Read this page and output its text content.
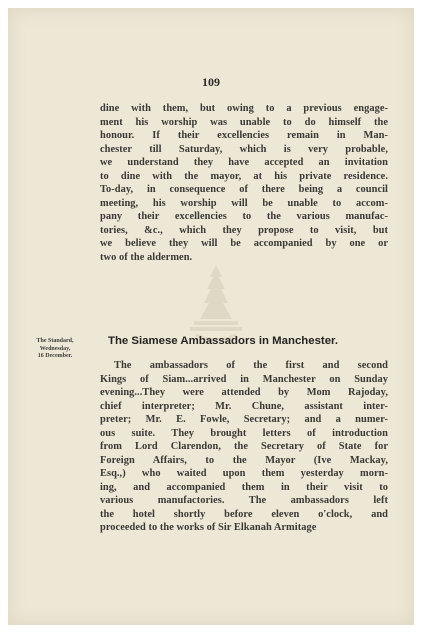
109
dine with them, but owing to a previous engage-
ment his worship was unable to do himself the
honour. If their excellencies remain in Man-
chester till Saturday, which is very probable,
we understand they have accepted an invitation
to dine with the mayor, at his private residence.
To-day, in consequence of there being a council
meeting, his worship will be unable to accom-
pany their excellencies to the various manufac-
tories, &c., which they propose to visit, but
we believe they will be accompanied by one or
two of the aldermen.
The Standard,
Wednesday,
16 December.
The Siamese Ambassadors in Manchester.
The ambassadors of the first and second
Kings of Siam...arrived in Manchester on Sunday
evening...They were attended by Mom Rajoday,
chief interpreter; Mr. Chune, assistant inter-
preter; Mr. E. Fowle, Secretary; and a numer-
ous suite. They brought letters of introduction
from Lord Clarendon, the Secretary of State for
Foreign Affairs, to the Mayor (Ive Mackay,
Esq.,) who waited upon them yesterday morn-
ing, and accompanied them in their visit to
various manufactories. The ambassadors left
the hotel shortly before eleven o'clock, and
proceeded to the works of Sir Elkanah Armitage
